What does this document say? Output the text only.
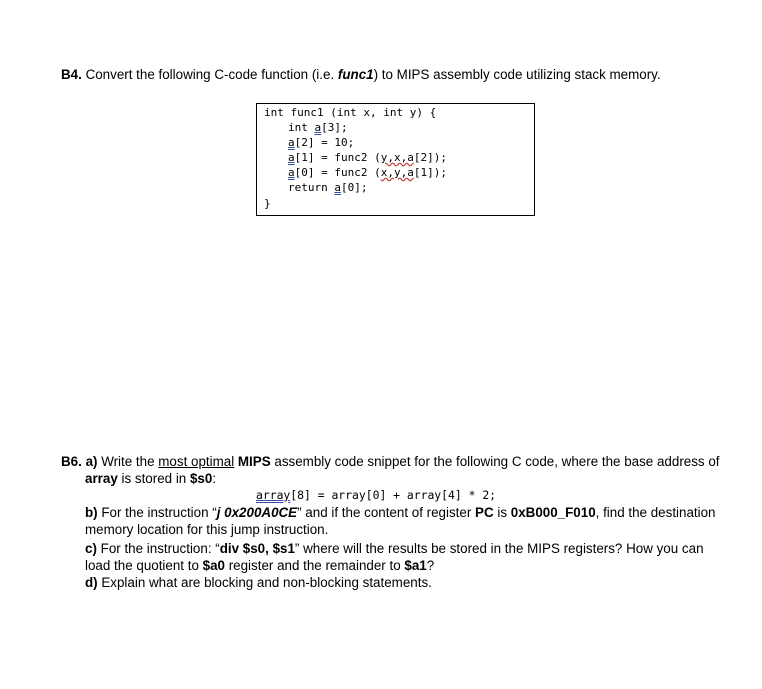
B4. Convert the following C-code function (i.e. func1) to MIPS assembly code utilizing stack memory.
int func1 (int x, int y) {
int a[3];
a[2] = 10;
a[1] = func2 (y,x,a[2]);
a[0] = func2 (x,y,a[1]);
return a[0];
}
B6. a) Write the most optimal MIPS assembly code snippet for the following C code, where the base address of
array is stored in $s0:
array[8] = array[0] + array[4] * 2;
b) For the instruction “j 0x200A0CE” and if the content of register PC is 0xB000_F010, find the destination
memory location for this jump instruction.
c) For the instruction: “div $s0, $s1” where will the results be stored in the MIPS registers? How you can
load the quotient to $a0 register and the remainder to $a1?
d) Explain what are blocking and non-blocking statements.
